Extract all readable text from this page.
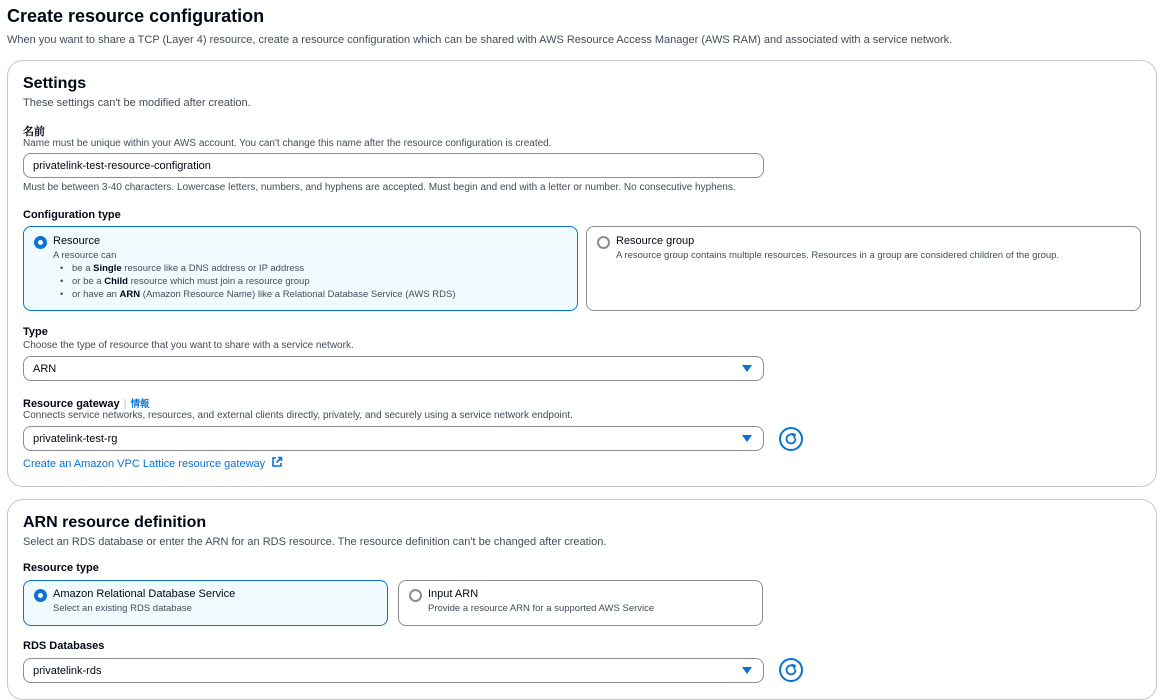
Create resource configuration
When you want to share a TCP (Layer 4) resource, create a resource configuration which can be shared with AWS Resource Access Manager (AWS RAM) and associated with a service network.
Settings
These settings can't be modified after creation.
名前
Name must be unique within your AWS account. You can't change this name after the resource configuration is created.
privatelink-test-resource-configration
Must be between 3-40 characters. Lowercase letters, numbers, and hyphens are accepted. Must begin and end with a letter or number. No consecutive hyphens.
Configuration type
Resource
A resource can
• be a Single resource like a DNS address or IP address
• or be a Child resource which must join a resource group
• or have an ARN (Amazon Resource Name) like a Relational Database Service (AWS RDS)
Resource group
A resource group contains multiple resources. Resources in a group are considered children of the group.
Type
Choose the type of resource that you want to share with a service network.
ARN
Resource gateway | 情報
Connects service networks, resources, and external clients directly, privately, and securely using a service network endpoint.
privatelink-test-rg
Create an Amazon VPC Lattice resource gateway
ARN resource definition
Select an RDS database or enter the ARN for an RDS resource. The resource definition can't be changed after creation.
Resource type
Amazon Relational Database Service
Select an existing RDS database
Input ARN
Provide a resource ARN for a supported AWS Service
RDS Databases
privatelink-rds
